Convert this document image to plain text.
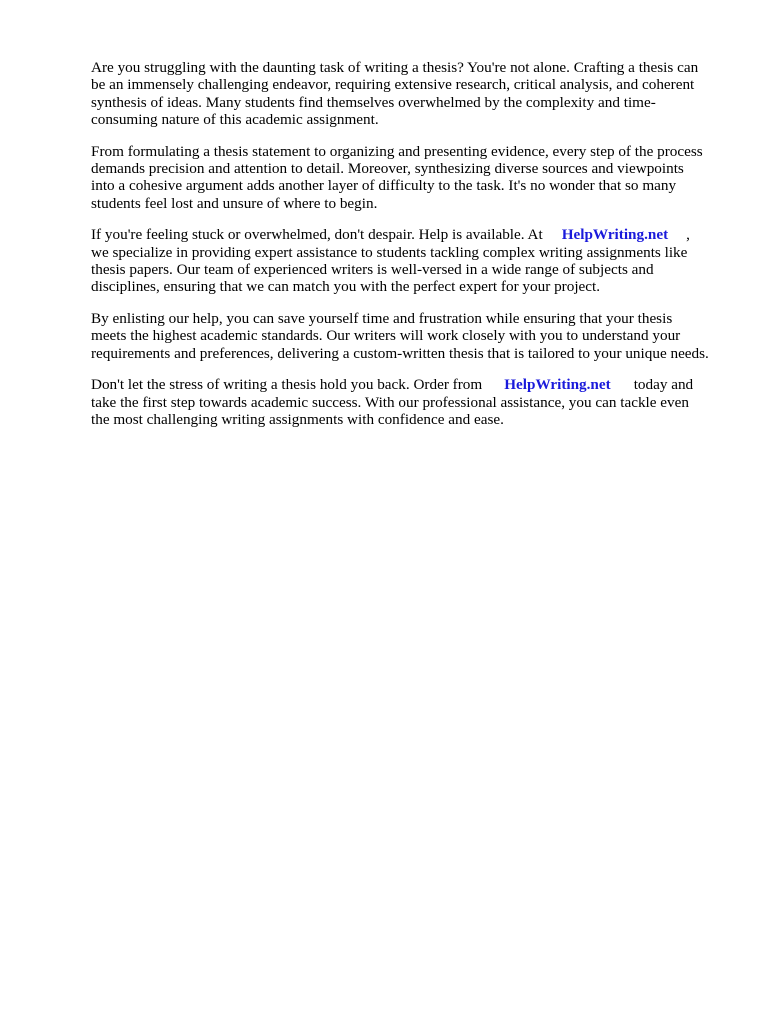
Are you struggling with the daunting task of writing a thesis? You're not alone. Crafting a thesis can
be an immensely challenging endeavor, requiring extensive research, critical analysis, and coherent
synthesis of ideas. Many students find themselves overwhelmed by the complexity and time-
consuming nature of this academic assignment.

From formulating a thesis statement to organizing and presenting evidence, every step of the process
demands precision and attention to detail. Moreover, synthesizing diverse sources and viewpoints
into a cohesive argument adds another layer of difficulty to the task. It's no wonder that so many
students feel lost and unsure of where to begin.

If you're feeling stuck or overwhelmed, don't despair. Help is available. At HelpWriting.net ,
we specialize in providing expert assistance to students tackling complex writing assignments like
thesis papers. Our team of experienced writers is well-versed in a wide range of subjects and
disciplines, ensuring that we can match you with the perfect expert for your project.

By enlisting our help, you can save yourself time and frustration while ensuring that your thesis
meets the highest academic standards. Our writers will work closely with you to understand your
requirements and preferences, delivering a custom-written thesis that is tailored to your unique needs.

Don't let the stress of writing a thesis hold you back. Order from HelpWriting.net today and
take the first step towards academic success. With our professional assistance, you can tackle even
the most challenging writing assignments with confidence and ease.
